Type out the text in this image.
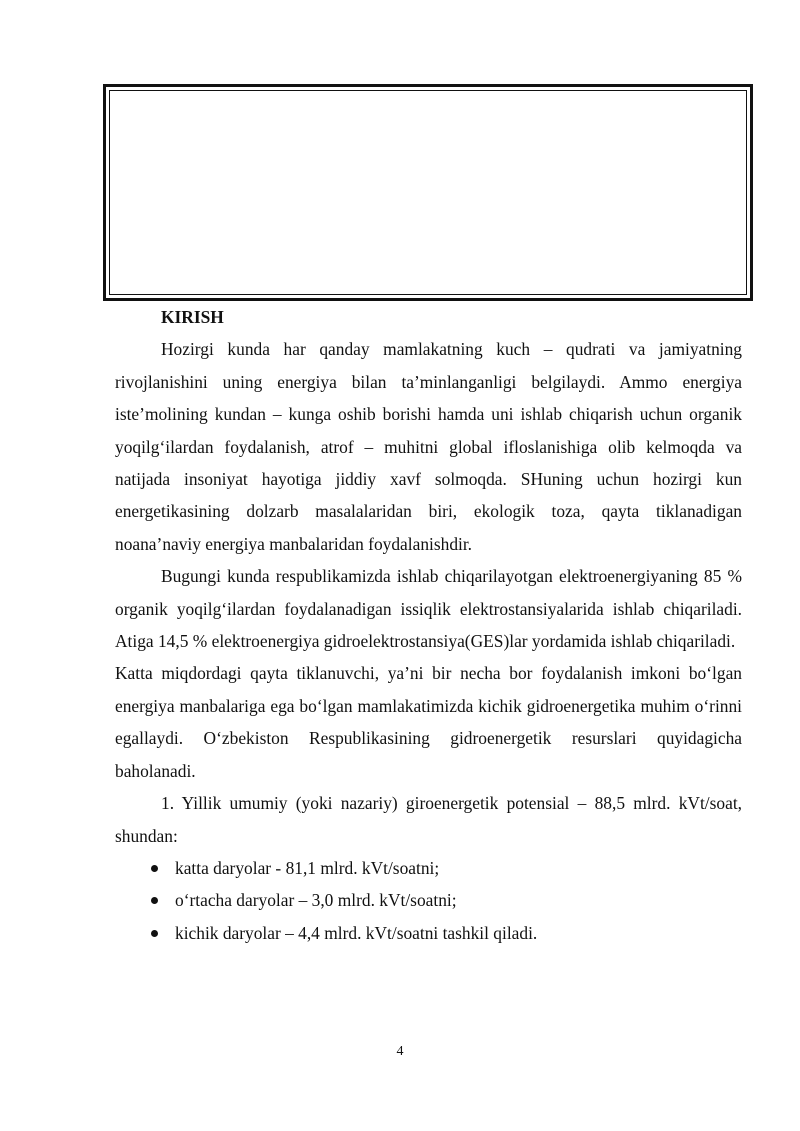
KIRISH

Hozirgi kunda har qanday mamlakatning kuch – qudrati va jamiyatning rivojlanishini uning energiya bilan ta’minlanganligi belgilaydi. Ammo energiya iste’molining kundan – kunga oshib borishi hamda uni ishlab chiqarish uchun organik yoqilg‘ilardan foydalanish, atrof – muhitni global ifloslanishiga olib kelmoqda va natijada insoniyat hayotiga jiddiy xavf solmoqda. SHuning uchun hozirgi kun energetikasining dolzarb masalalaridan biri, ekologik toza, qayta tiklanadigan noana’naviy energiya manbalaridan foydalanishdir.

Bugungi kunda respublikamizda ishlab chiqarilayotgan elektroenergiyaning 85 % organik yoqilg‘ilardan foydalanadigan issiqlik elektrostansiyalarida ishlab chiqariladi. Atiga 14,5 % elektroenergiya gidroelektrostansiya(GES)lar yordamida ishlab chiqariladi.

Katta miqdordagi qayta tiklanuvchi, ya’ni bir necha bor foydalanish imkoni bo‘lgan energiya manbalariga ega bo‘lgan mamlakatimizda kichik gidroenergetika muhim o‘rinni egallaydi. O‘zbekiston Respublikasining gidroenergetik resurslari quyidagicha baholanadi.

1. Yillik umumiy (yoki nazariy) giroenergetik potensial – 88,5 mlrd. kVt/soat, shundan:

katta daryolar - 81,1 mlrd. kVt/soatni;
o‘rtacha daryolar – 3,0 mlrd. kVt/soatni;
kichik daryolar – 4,4 mlrd. kVt/soatni tashkil qiladi.
4
